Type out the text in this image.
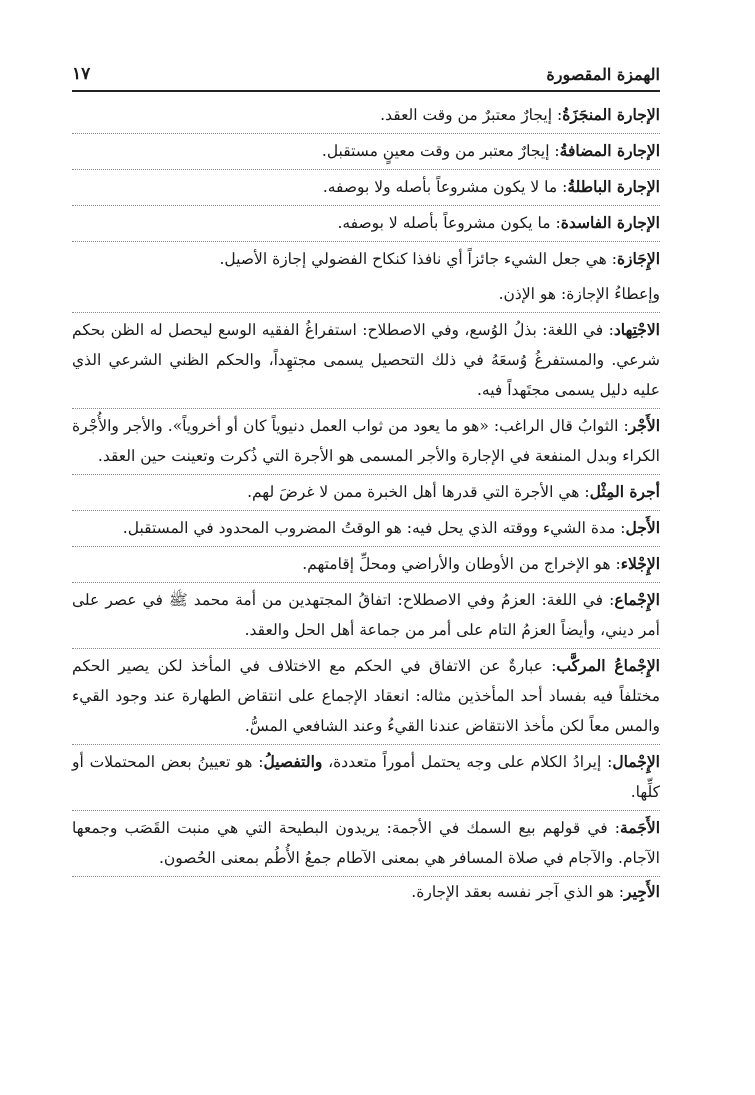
الهمزة المقصورة
١٧
الإجارة المنجَزَةُ: إيجارٌ معتبرٌ من وقت العقد.
الإجارة المضافةُ: إيجارٌ معتبر من وقت معينٍ مستقبل.
الإجارة الباطلةُ: ما لا يكون مشروعاً بأصله ولا بوصفه.
الإجارة الفاسدة: ما يكون مشروعاً بأصله لا بوصفه.
الإِجَازة: هي جعل الشيء جائزاً أي نافذا كنكاح الفضولي إجازة الأصيل.
وإعطاءُ الإجازة: هو الإذن.
الاجْتِهاد: في اللغة: بذلُ الوُسع، وفي الاصطلاح: استفراغُ الفقيه الوسع ليحصل له الظن بحكم شرعي. والمستفرغُ وُسعَهُ في ذلك التحصيل يسمى مجتهِداً، والحكم الظني الشرعي الذي عليه دليل يسمى مجتَهداً فيه.
الأَجْر: الثوابُ قال الراغب: «هو ما يعود من ثواب العمل دنيوياً كان أو أخروياً». والأجر والأُجْرة الكراء وبدل المنفعة في الإجارة والأجر المسمى هو الأجرة التي ذُكرت وتعينت حين العقد.
أجرة المِثْل: هي الأجرة التي قدرها أهل الخبرة ممن لا غرضَ لهم.
الأَجل: مدة الشيء ووقته الذي يحل فيه: هو الوقتُ المضروب المحدود في المستقبل.
الإِجْلاء: هو الإخراج من الأوطان والأراضي ومحلِّ إقامتهم.
الإِجْماع: في اللغة: العزمُ وفي الاصطلاح: اتفاقُ المجتهدين من أمة محمد ﷺ في عصر على أمر ديني، وأيضاً العزمُ التام على أمر من جماعة أهل الحل والعقد.
الإِجْماعُ المركَّب: عبارةٌ عن الاتفاق في الحكم مع الاختلاف في المأخذ لكن يصير الحكم مختلفاً فيه بفساد أحد المأخذين مثاله: انعقاد الإجماع على انتقاض الطهارة عند وجود القيء والمس معاً لكن مأخذ الانتقاض عندنا القيءُ وعند الشافعي المسُّ.
الإِجْمال: إيرادُ الكلام على وجه يحتمل أموراً متعددة، والتفصيلُ: هو تعيينُ بعض المحتملات أو كلِّها.
الأَجَمة: في قولهم بيع السمك في الأجمة: يريدون البطيحة التي هي منبت القَصَب وجمعها الآجام. والآجام في صلاة المسافر هي بمعنى الآطام جمعُ الأُطُم بمعنى الحُصون.
الأَجِير: هو الذي آجر نفسه بعقد الإجارة.
